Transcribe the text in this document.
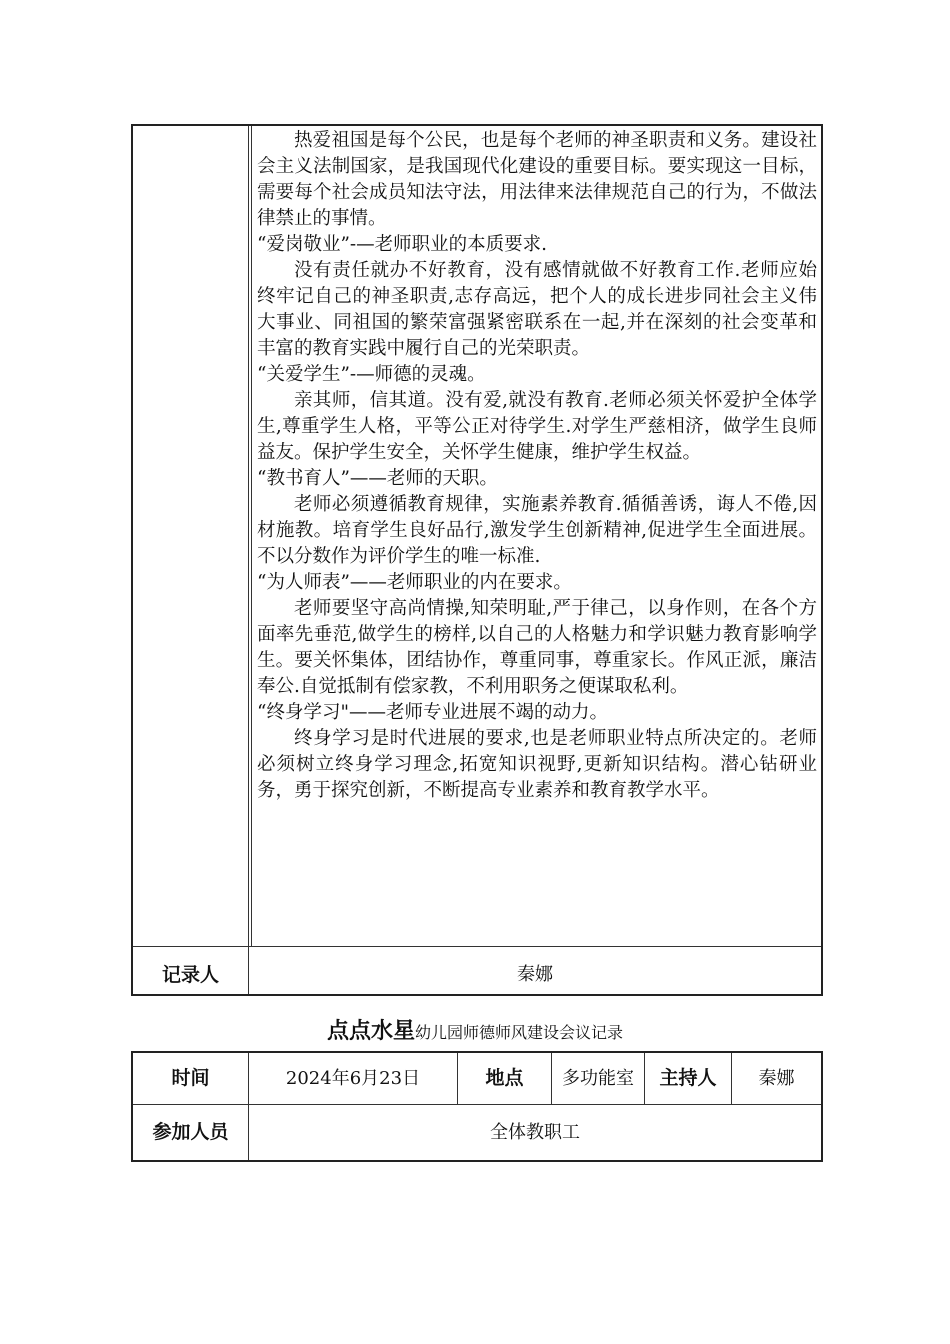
热爱祖国是每个公民，也是每个老师的神圣职责和义务。建设社会主义法制国家，是我国现代化建设的重要目标。要实现这一目标，需要每个社会成员知法守法，用法律来法律规范自己的行为，不做法律禁止的事情。

“爱岗敬业”-—老师职业的本质要求.

没有责任就办不好教育，没有感情就做不好教育工作.老师应始终牢记自己的神圣职责,志存高远，把个人的成长进步同社会主义伟大事业、同祖国的繁荣富强紧密联系在一起,并在深刻的社会变革和丰富的教育实践中履行自己的光荣职责。

“关爱学生”-—师德的灵魂。

亲其师，信其道。没有爱,就没有教育.老师必须关怀爱护全体学生,尊重学生人格，平等公正对待学生.对学生严慈相济，做学生良师益友。保护学生安全，关怀学生健康，维护学生权益。

“教书育人”——老师的天职。

老师必须遵循教育规律，实施素养教育.循循善诱，诲人不倦,因材施教。培育学生良好品行,激发学生创新精神,促进学生全面进展。不以分数作为评价学生的唯一标准.

“为人师表”——老师职业的内在要求。

老师要坚守高尚情操,知荣明耻,严于律己，以身作则，在各个方面率先垂范,做学生的榜样,以自己的人格魅力和学识魅力教育影响学生。要关怀集体，团结协作，尊重同事，尊重家长。作风正派，廉洁奉公.自觉抵制有偿家教，不利用职务之便谋取私利。

“终身学习"——老师专业进展不竭的动力。

终身学习是时代进展的要求,也是老师职业特点所决定的。老师必须树立终身学习理念,拓宽知识视野,更新知识结构。潜心钻研业务，勇于探究创新，不断提高专业素养和教育教学水平。

记录人	秦娜
点点水星幼儿园师德师风建设会议记录
时间	2024年6月23日	地点	多功能室	主持人	秦娜
参加人员	全体教职工
